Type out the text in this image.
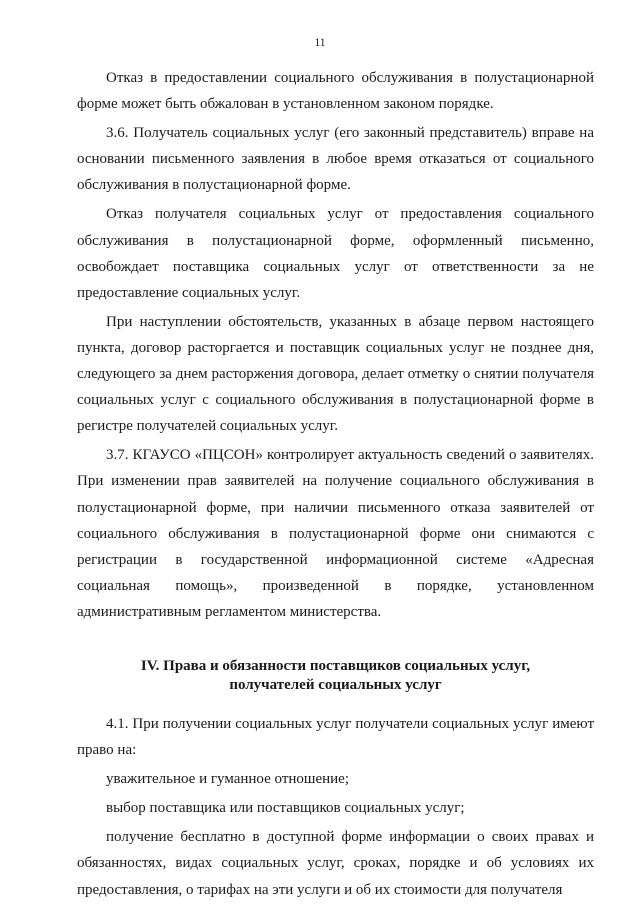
11

Отказ в предоставлении социального обслуживания в полустационарной форме может быть обжалован в установленном законом порядке.

3.6. Получатель социальных услуг (его законный представитель) вправе на основании письменного заявления в любое время отказаться от социального обслуживания в полустационарной форме.

Отказ получателя социальных услуг от предоставления социального обслуживания в полустационарной форме, оформленный письменно, освобождает поставщика социальных услуг от ответственности за не предоставление социальных услуг.

При наступлении обстоятельств, указанных в абзаце первом настоящего пункта, договор расторгается и поставщик социальных услуг не позднее дня, следующего за днем расторжения договора, делает отметку о снятии получателя социальных услуг с социального обслуживания в полустационарной форме в регистре получателей социальных услуг.

3.7. КГАУСО «ПЦСОН» контролирует актуальность сведений о заявителях. При изменении прав заявителей на получение социального обслуживания в полустационарной форме, при наличии письменного отказа заявителей от социального обслуживания в полустационарной форме они снимаются с регистрации в государственной информационной системе «Адресная социальная помощь», произведенной в порядке, установленном административным регламентом министерства.

IV. Права и обязанности поставщиков социальных услуг,
получателей социальных услуг

4.1. При получении социальных услуг получатели социальных услуг имеют право на:

уважительное и гуманное отношение;

выбор поставщика или поставщиков социальных услуг;

получение бесплатно в доступной форме информации о своих правах и обязанностях, видах социальных услуг, сроках, порядке и об условиях их предоставления, о тарифах на эти услуги и об их стоимости для получателя
